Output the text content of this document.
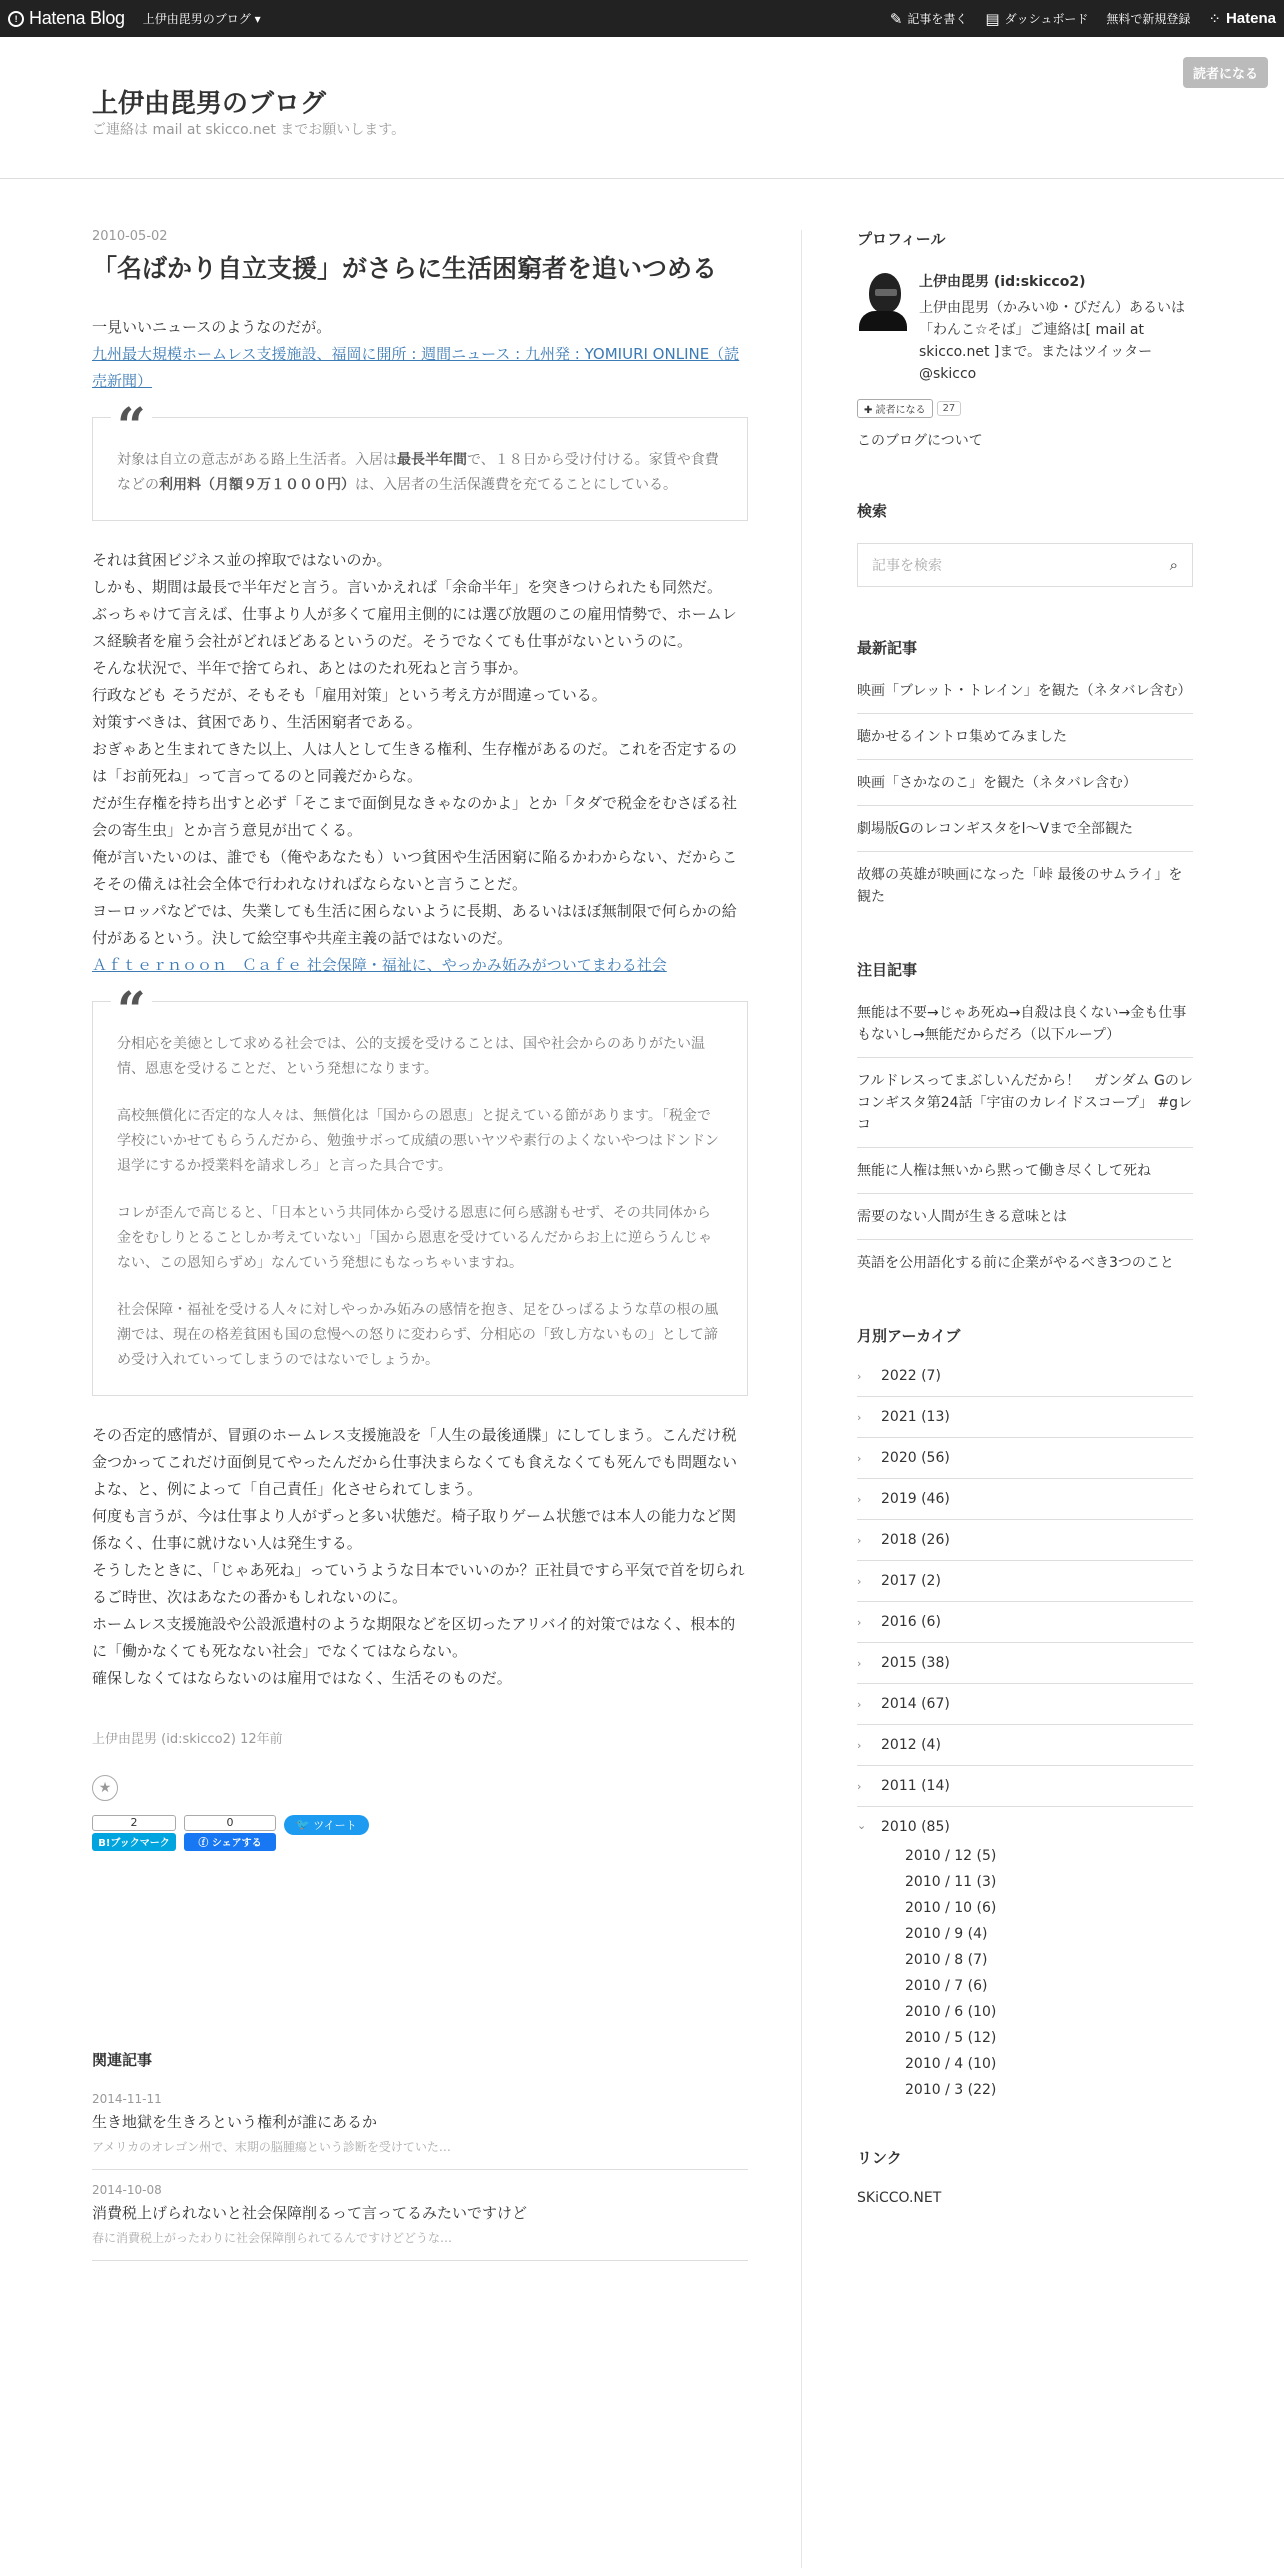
! Hatena Blog 上伊由毘男のブログ ▾	✎ 記事を書く ▤ ダッシュボード 無料で新規登録 ⁘ Hatena
上伊由毘男のブログ
ご連絡は mail at skicco.net までお願いします。
読者になる
2010-05-02
「名ばかり自立支援」がさらに生活困窮者を追いつめる
一見いいニュースのようなのだが。
九州最大規模ホームレス支援施設、福岡に開所 : 週間ニュース : 九州発 : YOMIURI ONLINE（読売新聞）
“
対象は自立の意志がある路上生活者。入居は最長半年間で、１８日から受け付ける。家賃や食費などの利用料（月額９万１０００円）は、入居者の生活保護費を充てることにしている。
それは貧困ビジネス並の搾取ではないのか。
しかも、期間は最長で半年だと言う。言いかえれば「余命半年」を突きつけられたも同然だ。
ぶっちゃけて言えば、仕事より人が多くて雇用主側的には選び放題のこの雇用情勢で、ホームレス経験者を雇う会社がどれほどあるというのだ。そうでなくても仕事がないというのに。
そんな状況で、半年で捨てられ、あとはのたれ死ねと言う事か。
行政なども そうだが、そもそも「雇用対策」という考え方が間違っている。
対策すべきは、貧困であり、生活困窮者である。
おぎゃあと生まれてきた以上、人は人として生きる権利、生存権があるのだ。これを否定するのは「お前死ね」って言ってるのと同義だからな。
だが生存権を持ち出すと必ず「そこまで面倒見なきゃなのかよ」とか「タダで税金をむさぼる社会の寄生虫」とか言う意見が出てくる。
俺が言いたいのは、誰でも（俺やあなたも）いつ貧困や生活困窮に陥るかわからない、だからこそその備えは社会全体で行われなければならないと言うことだ。
ヨーロッパなどでは、失業しても生活に困らないように長期、あるいはほぼ無制限で何らかの給付があるという。決して絵空事や共産主義の話ではないのだ。
Ａｆｔｅｒｎｏｏｎ　Ｃａｆｅ 社会保障・福祉に、やっかみ妬みがついてまわる社会
“
分相応を美徳として求める社会では、公的支援を受けることは、国や社会からのありがたい温情、恩恵を受けることだ、という発想になります。
高校無償化に否定的な人々は、無償化は「国からの恩恵」と捉えている節があります。「税金で学校にいかせてもらうんだから、勉強サボって成績の悪いヤツや素行のよくないやつはドンドン退学にするか授業料を請求しろ」と言った具合です。
コレが歪んで高じると、「日本という共同体から受ける恩恵に何ら感謝もせず、その共同体から金をむしりとることしか考えていない」「国から恩恵を受けているんだからお上に逆らうんじゃない、この恩知らずめ」なんていう発想にもなっちゃいますね。
社会保障・福祉を受ける人々に対しやっかみ妬みの感情を抱き、足をひっぱるような草の根の風潮では、現在の格差貧困も国の怠慢への怒りに変わらず、分相応の「致し方ないもの」として諦め受け入れていってしまうのではないでしょうか。
その否定的感情が、冒頭のホームレス支援施設を「人生の最後通牒」にしてしまう。こんだけ税金つかってこれだけ面倒見てやったんだから仕事決まらなくても食えなくても死んでも問題ないよな、と、例によって「自己責任」化させられてしまう。
何度も言うが、今は仕事より人がずっと多い状態だ。椅子取りゲーム状態では本人の能力など関係なく、仕事に就けない人は発生する。
そうしたときに、「じゃあ死ね」っていうような日本でいいのか？正社員ですら平気で首を切られるご時世、次はあなたの番かもしれないのに。
ホームレス支援施設や公設派遣村のような期限などを区切ったアリバイ的対策ではなく、根本的に「働かなくても死なない社会」でなくてはならない。
確保しなくてはならないのは雇用ではなく、生活そのものだ。
上伊由毘男 (id:skicco2) 12年前
★
2
B!ブックマーク
0
ⓕ シェアする
🐦 ツイート
関連記事
2014-11-11
生き地獄を生きろという権利が誰にあるか
アメリカのオレゴン州で、末期の脳腫瘍という診断を受けていた…
2014-10-08
消費税上げられないと社会保障削るって言ってるみたいですけど
春に消費税上がったわりに社会保障削られてるんですけどどうな…
プロフィール
上伊由毘男 (id:skicco2)
上伊由毘男（かみいゆ・びだん）あるいは「わんこ☆そば」ご連絡は[ mail at skicco.net ]まで。またはツイッター@skicco
✚ 読者になる	27
このブログについて
検索
記事を検索	⌕
最新記事
映画「ブレット・トレイン」を観た（ネタバレ含む）
聴かせるイントロ集めてみました
映画「さかなのこ」を観た（ネタバレ含む）
劇場版Gのレコンギスタをl〜Vまで全部観た
故郷の英雄が映画になった「峠 最後のサムライ」を観た
注目記事
無能は不要→じゃあ死ぬ→自殺は良くない→金も仕事もないし→無能だからだろ（以下ループ）
フルドレスってまぶしいんだから！　ガンダム Gのレコンギスタ第24話「宇宙のカレイドスコープ」 #gレコ
無能に人権は無いから黙って働き尽くして死ね
需要のない人間が生きる意味とは
英語を公用語化する前に企業がやるべき3つのこと
月別アーカイブ
›	2022 (7)
›	2021 (13)
›	2020 (56)
›	2019 (46)
›	2018 (26)
›	2017 (2)
›	2016 (6)
›	2015 (38)
›	2014 (67)
›	2012 (4)
›	2011 (14)
⌄ 2010 (85)
2010 / 12 (5)
2010 / 11 (3)
2010 / 10 (6)
2010 / 9 (4)
2010 / 8 (7)
2010 / 7 (6)
2010 / 6 (10)
2010 / 5 (12)
2010 / 4 (10)
2010 / 3 (22)
リンク
SKiCCO.NET
